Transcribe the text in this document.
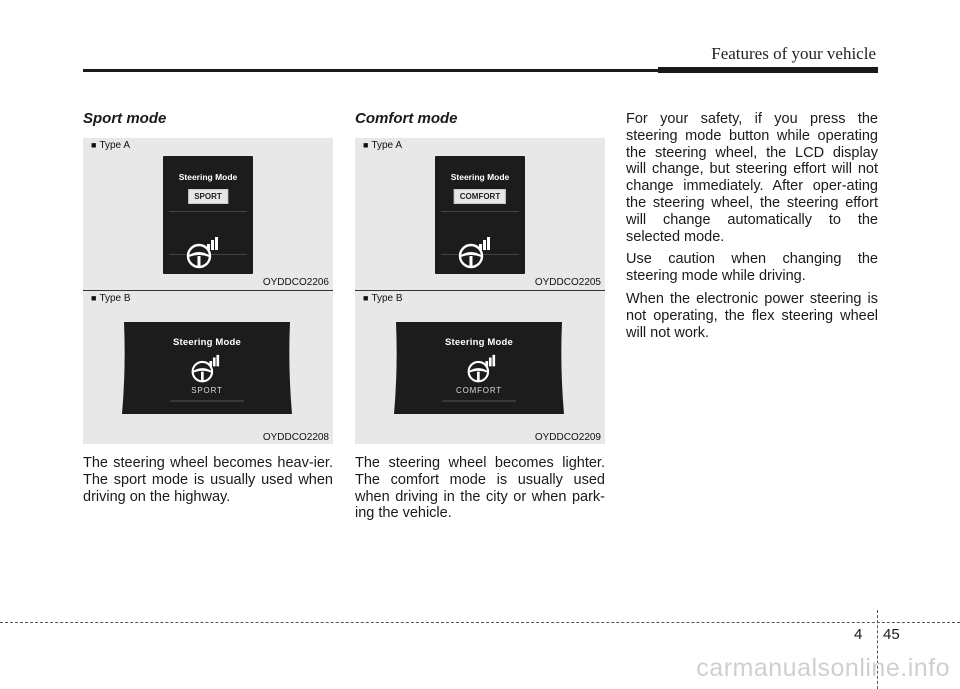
Features of your vehicle
Sport mode
■ Type A
Steering Mode
SPORT
OYDDCO2206
■ Type B
Steering Mode
SPORT
OYDDCO2208

The steering wheel becomes heav-ier. The sport mode is usually used when driving on the highway.

Comfort mode
■ Type A
Steering Mode
COMFORT
OYDDCO2205
■ Type B
Steering Mode
COMFORT
OYDDCO2209

The steering wheel becomes lighter. The comfort mode is usually used when driving in the city or when park-ing the vehicle.

For your safety, if you press the steering mode button while operating the steering wheel, the LCD display will change, but steering effort will not change immediately. After oper-ating the steering wheel, the steering effort will change automatically to the selected mode.

Use caution when changing the steering mode while driving.

When the electronic power steering is not operating, the flex steering wheel will not work.

4 45
carmanualsonline.info
